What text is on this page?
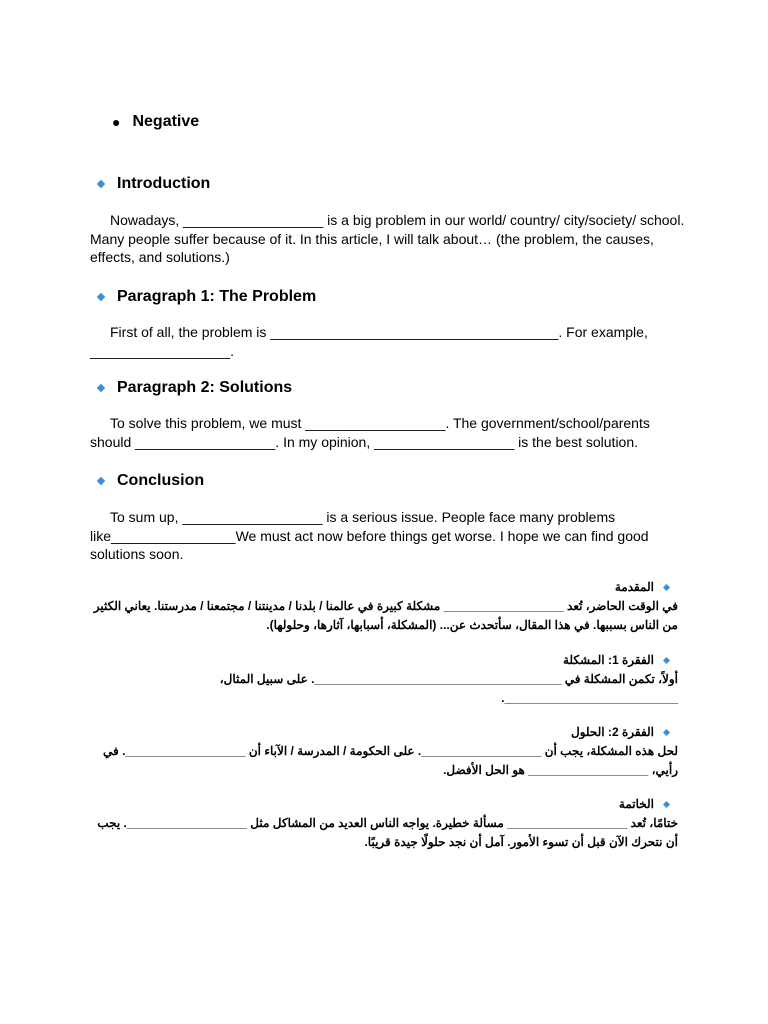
● Negative
Introduction

Nowadays, __________________ is a big problem in our world/ country/ city/society/ school. Many people suffer because of it. In this article, I will talk about… (the problem, the causes, effects, and solutions.)

Paragraph 1: The Problem

First of all, the problem is _____________________________________. For example, __________________.

Paragraph 2: Solutions

To solve this problem, we must __________________. The government/school/parents should __________________. In my opinion, __________________ is the best solution.

Conclusion

To sum up, __________________ is a serious issue. People face many problems like________________We must act now before things get worse. I hope we can find good solutions soon.

المقدمة

في الوقت الحاضر، تُعد __________________ مشكلة كبيرة في عالمنا / بلدنا / مدينتنا / مجتمعنا / مدرستنا. يعاني الكثير من الناس بسببها. في هذا المقال، سأتحدث عن... (المشكلة، أسبابها، آثارها، وحلولها).

الفقرة 1: المشكلة

أولاً، تكمن المشكلة في _____________________________________. على سبيل المثال، __________________________.

الفقرة 2: الحلول

لحل هذه المشكلة، يجب أن __________________. على الحكومة / المدرسة / الآباء أن __________________. في رأيي، __________________ هو الحل الأفضل.

الخاتمة

ختامًا، تُعد __________________ مسألة خطيرة. يواجه الناس العديد من المشاكل مثل __________________. يجب أن نتحرك الآن قبل أن تسوء الأمور. آمل أن نجد حلولًا جيدة قريبًا.
